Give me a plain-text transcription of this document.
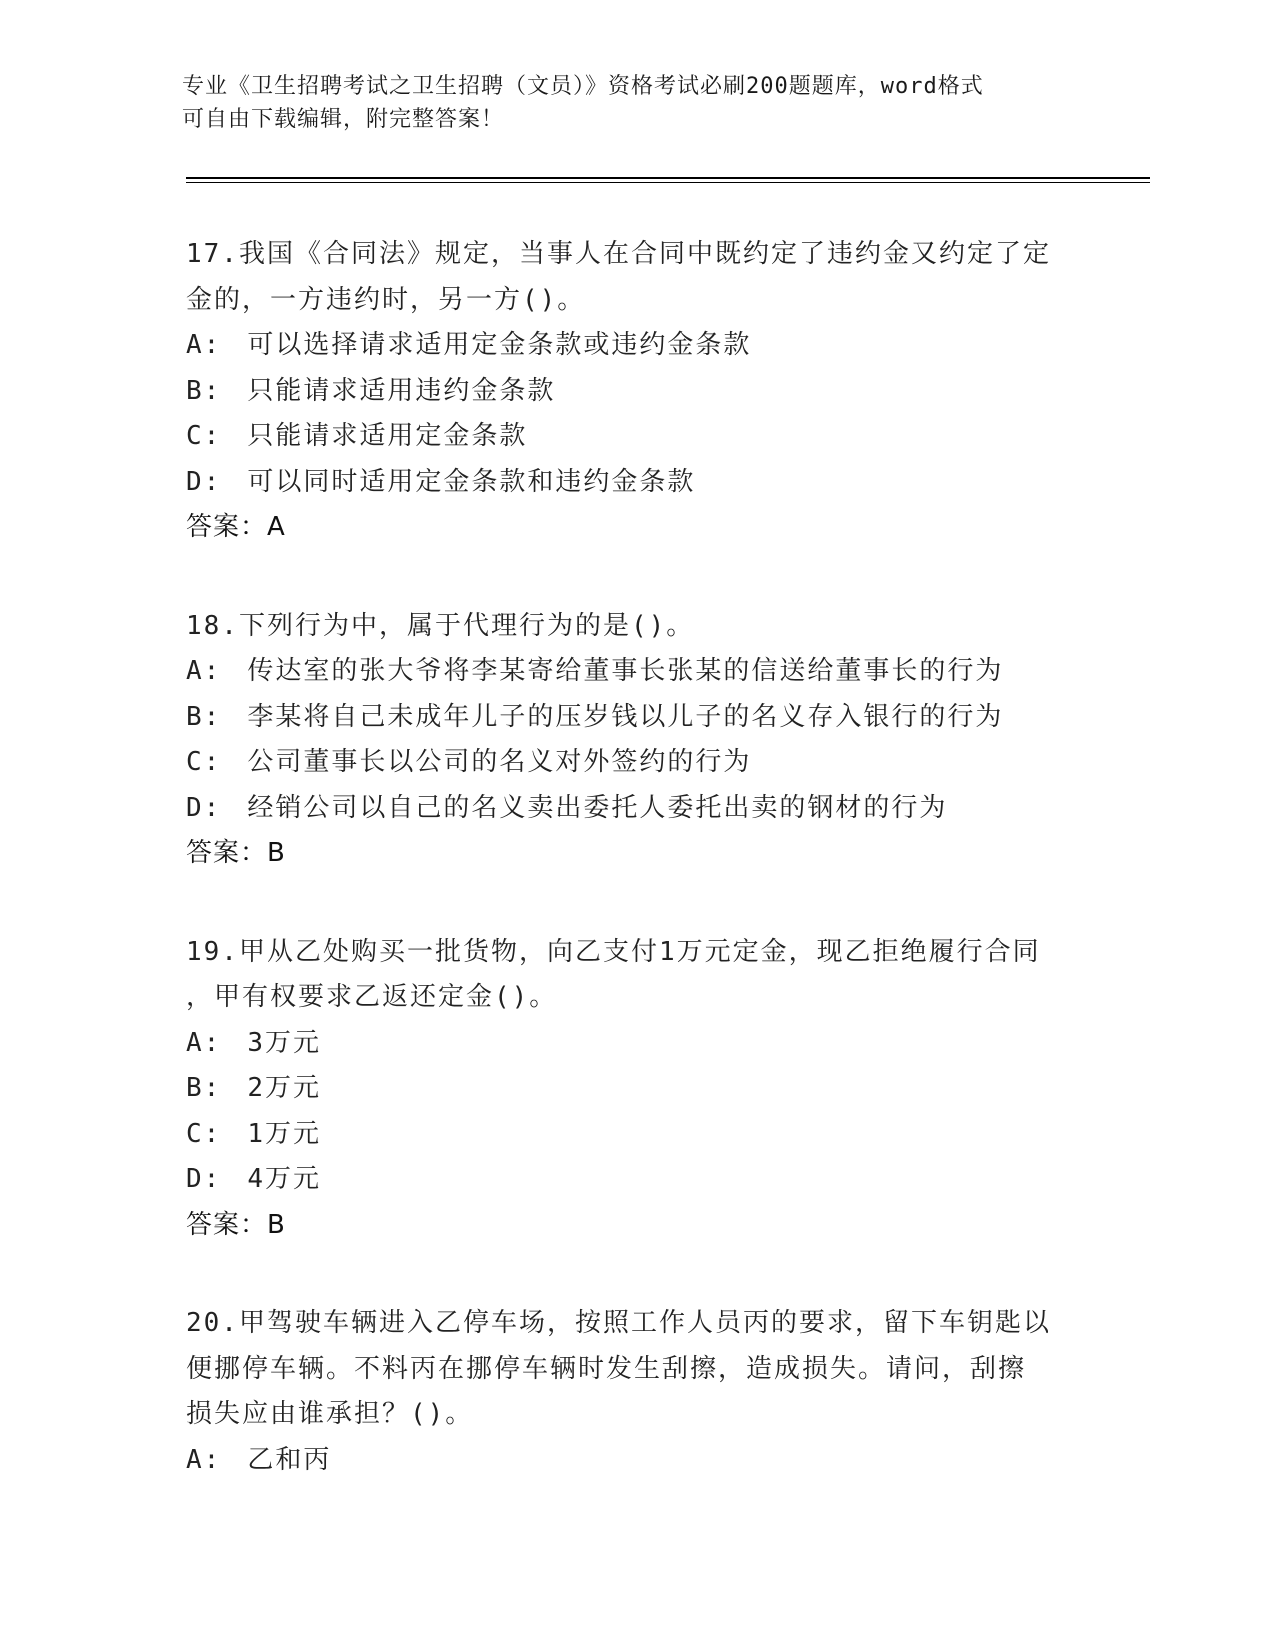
专业《卫生招聘考试之卫生招聘（文员）》资格考试必刷200题题库，word格式
可自由下载编辑，附完整答案！
17.我国《合同法》规定，当事人在合同中既约定了违约金又约定了定
金的，一方违约时，另一方()。
A: 可以选择请求适用定金条款或违约金条款
B: 只能请求适用违约金条款
C: 只能请求适用定金条款
D: 可以同时适用定金条款和违约金条款
答案：A
18.下列行为中，属于代理行为的是()。
A: 传达室的张大爷将李某寄给董事长张某的信送给董事长的行为
B: 李某将自己未成年儿子的压岁钱以儿子的名义存入银行的行为
C: 公司董事长以公司的名义对外签约的行为
D: 经销公司以自己的名义卖出委托人委托出卖的钢材的行为
答案：B
19.甲从乙处购买一批货物，向乙支付1万元定金，现乙拒绝履行合同
，甲有权要求乙返还定金()。
A: 3万元
B: 2万元
C: 1万元
D: 4万元
答案：B
20.甲驾驶车辆进入乙停车场，按照工作人员丙的要求，留下车钥匙以
便挪停车辆。不料丙在挪停车辆时发生刮擦，造成损失。请问，刮擦
损失应由谁承担？()。
A: 乙和丙
